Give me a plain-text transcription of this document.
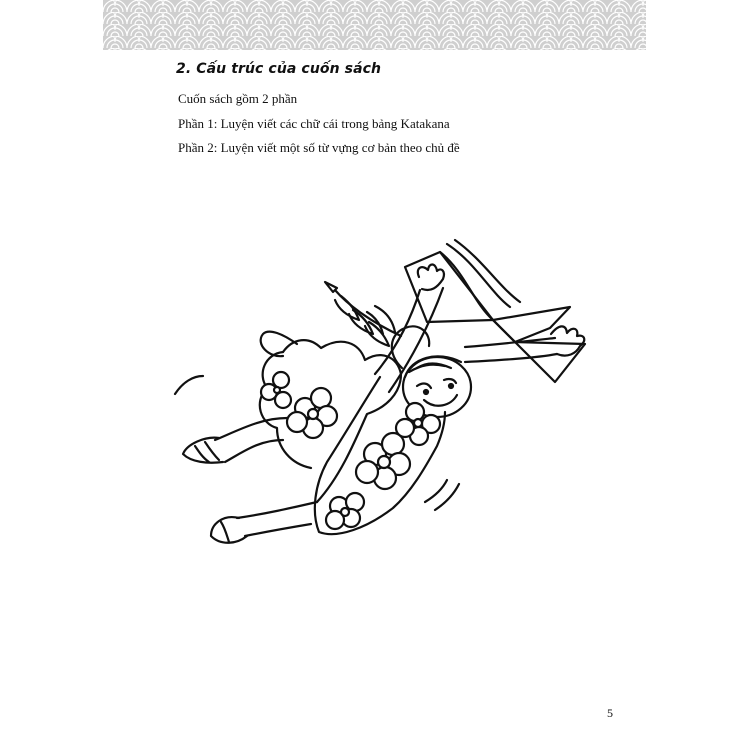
2. Cấu trúc của cuốn sách
Cuốn sách gồm 2 phần
Phần 1: Luyện viết các chữ cái trong bảng Katakana
Phần 2: Luyện viết một số từ vựng cơ bản theo chủ đề
5
